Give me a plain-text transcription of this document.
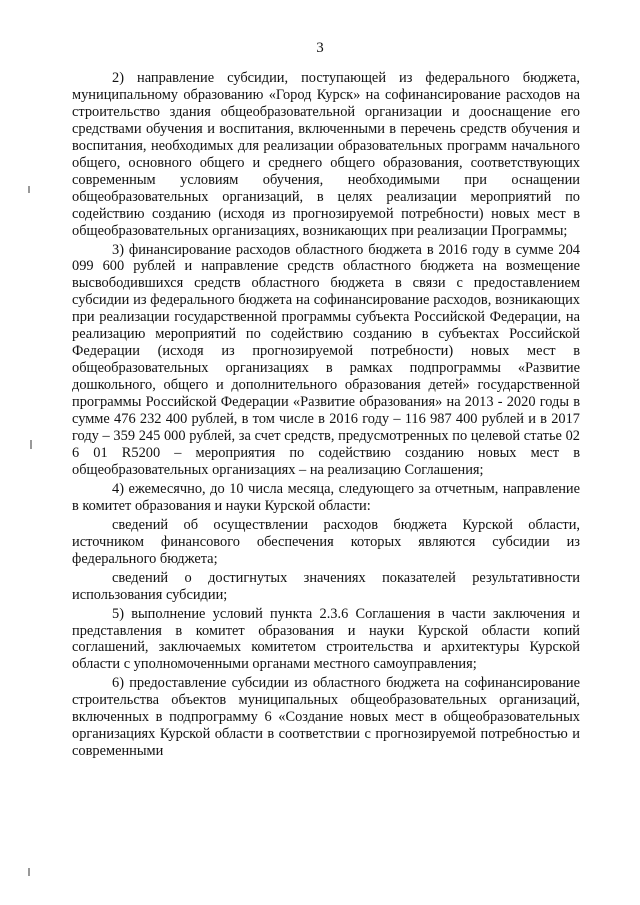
3

2) направление субсидии, поступающей из федерального бюджета, муниципальному образованию «Город Курск» на софинансирование расходов на строительство здания общеобразовательной организации и дооснащение его средствами обучения и воспитания, включенными в перечень средств обучения и воспитания, необходимых для реализации образовательных программ начального общего, основного общего и среднего общего образования, соответствующих современным условиям обучения, необходимыми при оснащении общеобразовательных организаций, в целях реализации мероприятий по содействию созданию (исходя из прогнозируемой потребности) новых мест в общеобразовательных организациях, возникающих при реализации Программы;

3) финансирование расходов областного бюджета в 2016 году в сумме 204 099 600 рублей и направление средств областного бюджета на возмещение высвободившихся средств областного бюджета в связи с предоставлением субсидии из федерального бюджета на софинансирование расходов, возникающих при реализации государственной программы субъекта Российской Федерации, на реализацию мероприятий по содействию созданию в субъектах Российской Федерации (исходя из прогнозируемой потребности) новых мест в общеобразовательных организациях в рамках подпрограммы «Развитие дошкольного, общего и дополнительного образования детей» государственной программы Российской Федерации «Развитие образования» на 2013 - 2020 годы в сумме 476 232 400 рублей, в том числе в 2016 году – 116 987 400 рублей и в 2017 году – 359 245 000 рублей, за счет средств, предусмотренных по целевой статье 02 6 01 R5200 – мероприятия по содействию созданию новых мест в общеобразовательных организациях – на реализацию Соглашения;

4) ежемесячно, до 10 числа месяца, следующего за отчетным, направление в комитет образования и науки Курской области:

сведений об осуществлении расходов бюджета Курской области, источником финансового обеспечения которых являются субсидии из федерального бюджета;

сведений о достигнутых значениях показателей результативности использования субсидии;

5) выполнение условий пункта 2.3.6 Соглашения в части заключения и представления в комитет образования и науки Курской области копий соглашений, заключаемых комитетом строительства и архитектуры Курской области с уполномоченными органами местного самоуправления;

6) предоставление субсидии из областного бюджета на софинансирование строительства объектов муниципальных общеобразовательных организаций, включенных в подпрограмму 6 «Создание новых мест в общеобразовательных организациях Курской области в соответствии с прогнозируемой потребностью и современными
